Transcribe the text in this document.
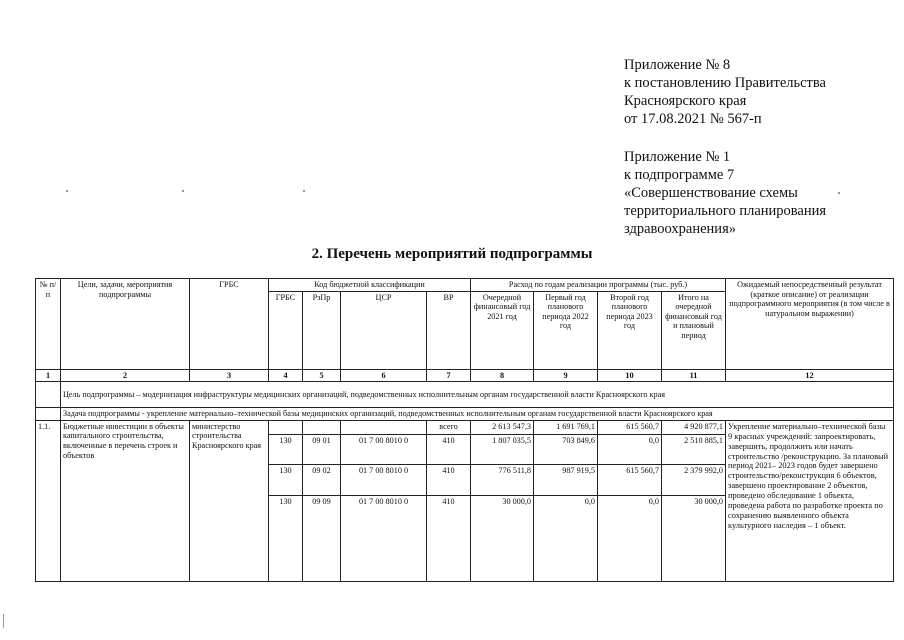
Приложение № 8
к постановлению Правительства
Красноярского края
от 17.08.2021 № 567-п
Приложение № 1
к подпрограмме 7
«Совершенствование схемы
территориального планирования
здравоохранения»
2. Перечень мероприятий подпрограммы
№ п/п	Цели, задачи, мероприятия подпрограммы	ГРБС	Код бюджетной классификации				Расход по годам реализации программы (тыс. руб.)				Ожидаемый непосредственный результат (краткое описание) от реализации подпрограммного мероприятия (в том числе в натуральном выражении)
			ГРБС	РзПр	ЦСР	ВР	Очередной финансовый год 2021 год	Первый год планового периода 2022 год	Второй год планового периода 2023 год	Итого на очередной финансовый год и плановый период	
1	2	3	4	5	6	7	8	9	10	11	12
	Цель подпрограммы – модернизация инфраструктуры медицинских организаций, подведомственных исполнительным органам государственной власти Красноярского края										
	Задача подпрограммы - укрепление материально–технической базы медицинских организаций, подведомственных исполнительным органам государственной власти Красноярского края										
1.1.	Бюджетные инвестиции в объекты капитального строительства, включенные в перечень строек и объектов	министерство строительства Красноярского края				всего	2 613 547,3	1 691 769,1	615 560,7	4 920 877,1	Укрепление материально–технической базы 9 красных учреждений: запроектировать, завершить, продолжить или начать строительство /реконструкцию. За плановый период 2021– 2023 годов будет завершено строительство/реконструкция 6 объектов, завершено проектирование 2 объектов, проведено обследование 1 объекта, проведена работа по разработке проекта по сохранению выявленного объекта культурного наследия – 1 объект.
			130	09 01	01 7 00 8010 0	410	1 807 035,5	703 849,6	0,0	2 510 885,1	
			130	09 02	01 7 00 8010 0	410	776 511,8	987 919,5	615 560,7	2 379 992,0	
			130	09 09	01 7 00 8010 0	410	30 000,0	0,0	0,0	30 000,0	
